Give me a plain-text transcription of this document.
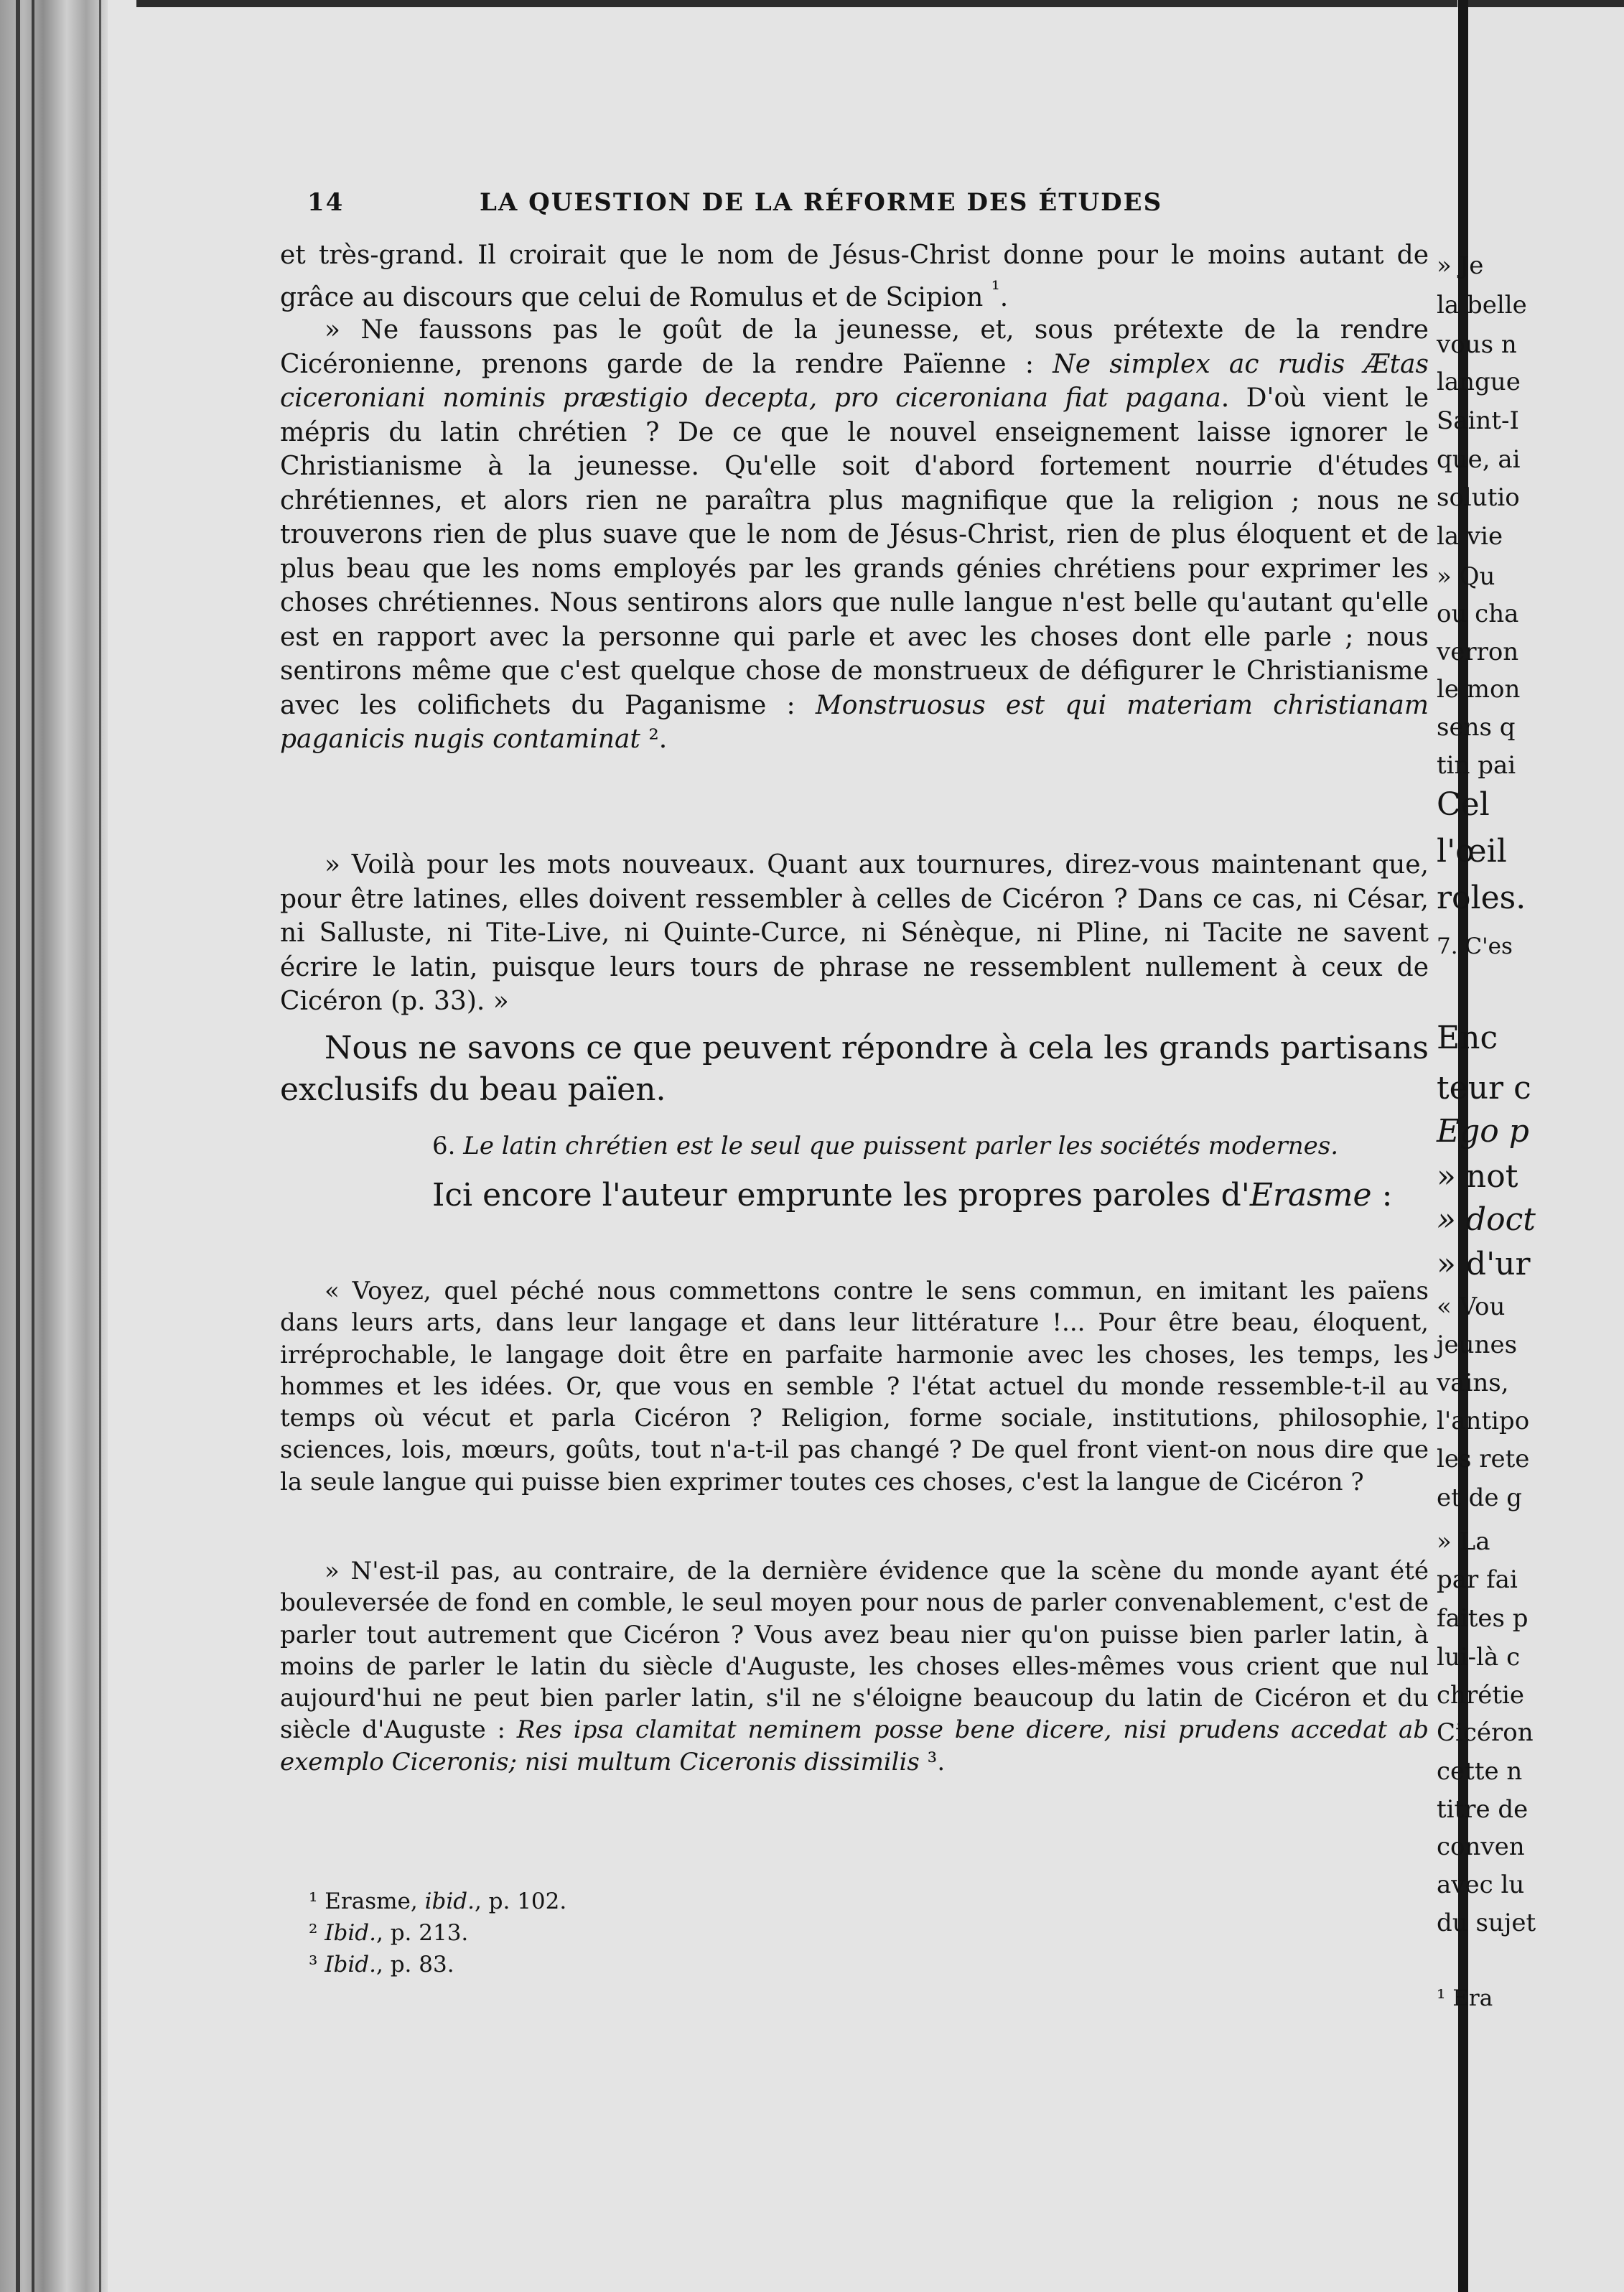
14	LA QUESTION DE LA RÉFORME DES ÉTUDES

et très-grand. Il croirait que le nom de Jésus-Christ donne pour le moins autant de grâce au discours que celui de Romulus et de Scipion $^{^1}$.

» Ne faussons pas le goût de la jeunesse, et, sous prétexte de la rendre Cicéronienne, prenons garde de la rendre Païenne : Ne simplex ac rudis Ætas ciceroniani nominis præstigio decepta, pro ciceroniana fiat pagana. D'où vient le mépris du latin chrétien ? De ce que le nouvel enseignement laisse ignorer le Christianisme à la jeunesse. Qu'elle soit d'abord fortement nourrie d'études chrétiennes, et alors rien ne paraîtra plus magnifique que la religion ; nous ne trouverons rien de plus suave que le nom de Jésus-Christ, rien de plus éloquent et de plus beau que les noms employés par les grands génies chrétiens pour exprimer les choses chrétiennes. Nous sentirons alors que nulle langue n'est belle qu'autant qu'elle est en rapport avec la personne qui parle et avec les choses dont elle parle ; nous sentirons même que c'est quelque chose de monstrueux de défigurer le Christianisme avec les colifichets du Paganisme : Monstruosus est qui materiam christianam paganicis nugis contaminat ².

» Voilà pour les mots nouveaux. Quant aux tournures, direz-vous maintenant que, pour être latines, elles doivent ressembler à celles de Cicéron ? Dans ce cas, ni César, ni Salluste, ni Tite-Live, ni Quinte-Curce, ni Sénèque, ni Pline, ni Tacite ne savent écrire le latin, puisque leurs tours de phrase ne ressemblent nullement à ceux de Cicéron (p. 33). »

Nous ne savons ce que peuvent répondre à cela les grands partisans exclusifs du beau païen.

6. Le latin chrétien est le seul que puissent parler les sociétés modernes.

Ici encore l'auteur emprunte les propres paroles d'Erasme :

« Voyez, quel péché nous commettons contre le sens commun, en imitant les païens dans leurs arts, dans leur langage et dans leur littérature !... Pour être beau, éloquent, irréprochable, le langage doit être en parfaite harmonie avec les choses, les temps, les hommes et les idées. Or, que vous en semble ? l'état actuel du monde ressemble-t-il au temps où vécut et parla Cicéron ? Religion, forme sociale, institutions, philosophie, sciences, lois, mœurs, goûts, tout n'a-t-il pas changé ? De quel front vient-on nous dire que la seule langue qui puisse bien exprimer toutes ces choses, c'est la langue de Cicéron ?

» N'est-il pas, au contraire, de la dernière évidence que la scène du monde ayant été bouleversée de fond en comble, le seul moyen pour nous de parler convenablement, c'est de parler tout autrement que Cicéron ? Vous avez beau nier qu'on puisse bien parler latin, à moins de parler le latin du siècle d'Auguste, les choses elles-mêmes vous crient que nul aujourd'hui ne peut bien parler latin, s'il ne s'éloigne beaucoup du latin de Cicéron et du siècle d'Auguste : Res ipsa clamitat neminem posse bene dicere, nisi prudens accedat ab exemplo Ciceronis; nisi multum Ciceronis dissimilis ³.

¹ Erasme, ibid., p. 102.
² Ibid., p. 213.
³ Ibid., p. 83.
» Je
la belle
vous n
langue
Saint-I
que, ai
solutio
la vie
» Qu
ou cha
verron
le mon
sens q
tin pai
Cel
l'œil
roles.
7. C'es
Enc
teur c
Ego p
» not
» doct
» d'ur
« Vou
jeunes
vains,
l'antipo
les rete
et de g
» La
par fai
faites p
lui-là c
chrétie
Cicéron
cette n
titre de
conven
avec lu
du sujet
¹ Era
